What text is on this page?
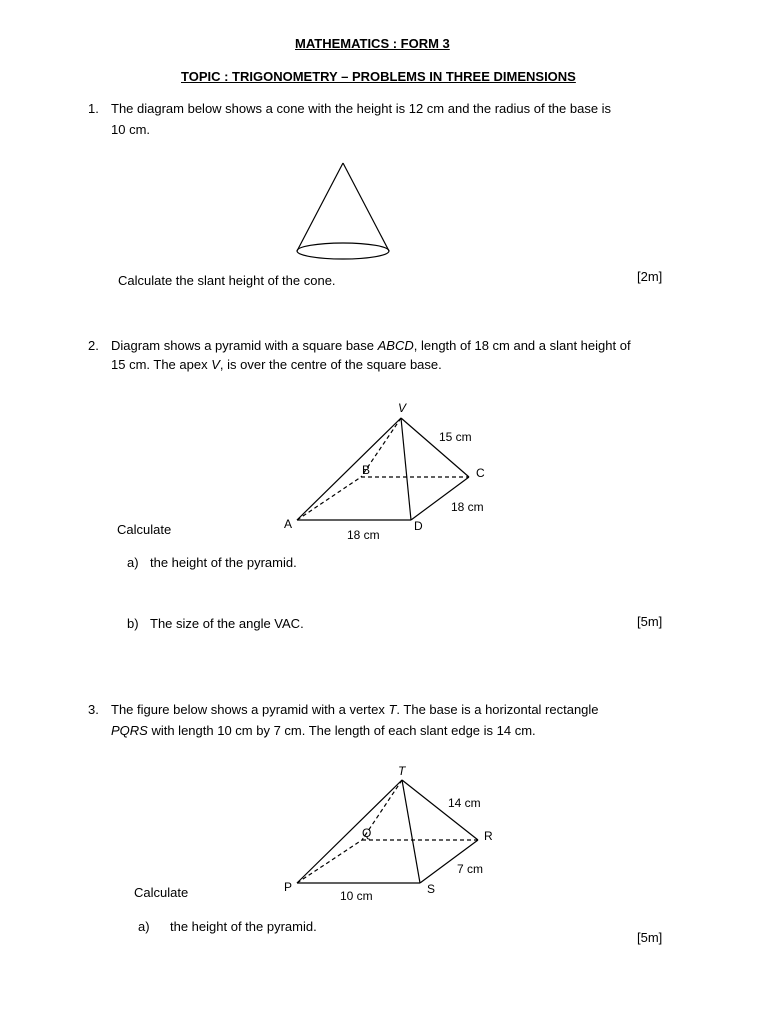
MATHEMATICS : FORM 3
TOPIC : TRIGONOMETRY – PROBLEMS IN THREE DIMENSIONS
1. The diagram below shows a cone with the height is 12 cm and the radius of the base is
10 cm.
V
B	C
A	D
15 cm
18 cm
18 cm
T
Q	R
P	S
14 cm
7 cm
10 cm
Calculate the slant height of the cone.	[2m]
2. Diagram shows a pyramid with a square base ABCD, length of 18 cm and a slant height of
15 cm. The apex V, is over the centre of the square base.
Calculate
a) the height of the pyramid.
b) The size of the angle VAC.	[5m]
3. The figure below shows a pyramid with a vertex T. The base is a horizontal rectangle
PQRS with length 10 cm by 7 cm. The length of each slant edge is 14 cm.
Calculate
a) the height of the pyramid.
[5m]
